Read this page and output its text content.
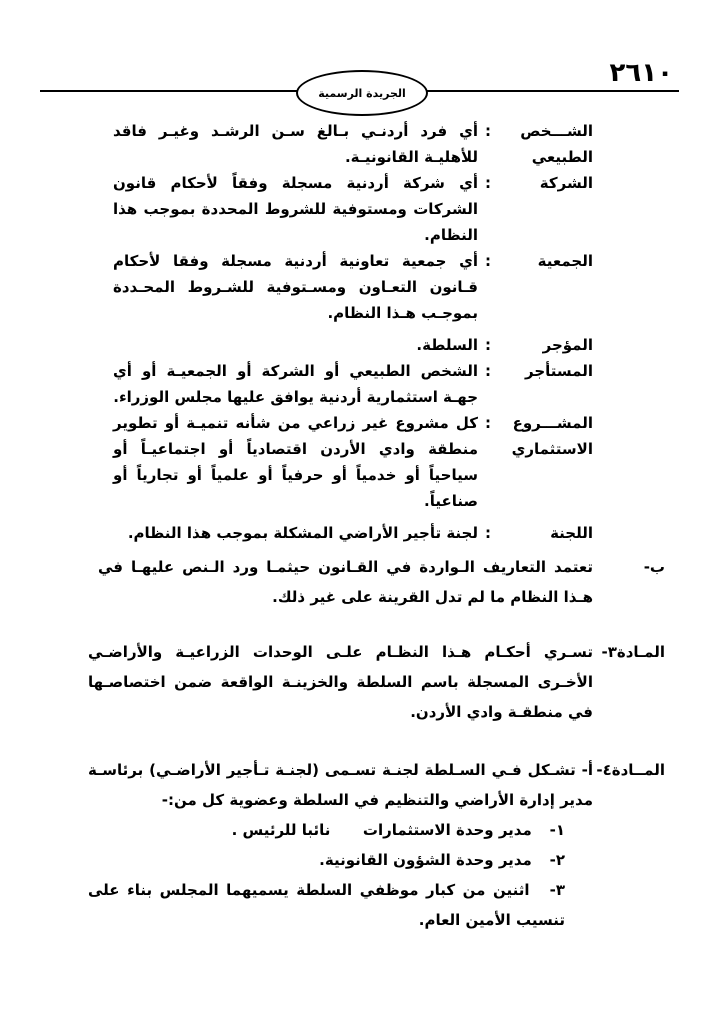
٢٦١٠
الجريدة الرسمية
الشـــخص
الطبيعي	:	أي فرد أردنـي بـالغ سـن الرشـد وغيـر فاقد للأهليـة القانونيـة.
الشركة	:	أي شركة أردنية مسجلة وفقاً لأحكام قانون الشركات ومستوفية للشروط المحددة بموجب هذا النظام.
الجمعية	:	أي جمعية تعاونية أردنية مسجلة وفقا لأحكام قـانون التعـاون ومسـتوفية للشـروط المحـددة بموجـب هـذا النظام.
المؤجر	:	السلطة.
المستأجر	:	الشخص الطبيعي أو الشركة أو الجمعيـة أو أي جهـة استثمارية أردنية يوافق عليها مجلس الوزراء.
المشـــروع
الاستثماري	:	كل مشروع غير زراعي من شأنه تنميـة أو تطوير منطقة وادي الأردن اقتصادياً أو اجتماعيـاً أو سياحياً أو خدمياً أو حرفياً أو علمياً أو تجارياً أو صناعياً.
اللجنة	:	لجنة تأجير الأراضي المشكلة بموجب هذا النظام.
ب-
تعتمد التعاريف الـواردة في القـانون حيثمـا ورد الـنص عليهـا في هـذا النظام ما لم تدل القرينة على غير ذلك.
المـادة٣-
تسـري أحكـام هـذا النظـام علـى الوحدات الزراعيـة والأراضـي الأخـرى المسجلة باسم السلطة والخزينـة الواقعة ضمن اختصاصـها في منطقـة وادي الأردن.
المــادة٤-
أ- تشـكل فـي السـلطة لجنـة تسـمى (لجنـة تـأجير الأراضـي) برئاسـة مدير إدارة الأراضي والتنظيم في السلطة وعضوية كل من:-
١- مدير وحدة الاستثمارات  نائبا للرئيس .
٢- مدير وحدة الشؤون القانونية.
٣- اثنين من كبار موظفي السلطة يسميهما المجلس بناء على تنسيب الأمين العام.
